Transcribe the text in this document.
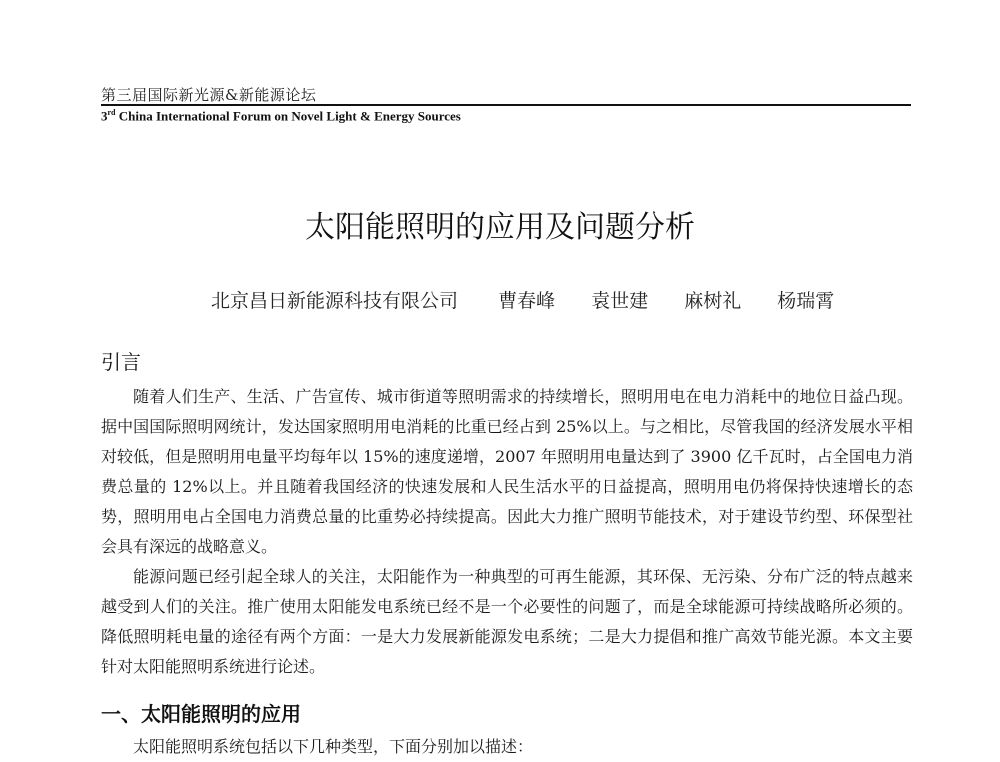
第三届国际新光源&新能源论坛
3rd China International Forum on Novel Light & Energy Sources
太阳能照明的应用及问题分析
北京昌日新能源科技有限公司 曹春峰 袁世建 麻树礼 杨瑞霄
引言

随着人们生产、生活、广告宣传、城市街道等照明需求的持续增长，照明用电在电力消耗中的地位日益凸现。据中国国际照明网统计，发达国家照明用电消耗的比重已经占到 25%以上。与之相比，尽管我国的经济发展水平相对较低，但是照明用电量平均每年以 15%的速度递增，2007 年照明用电量达到了 3900 亿千瓦时，占全国电力消费总量的 12%以上。并且随着我国经济的快速发展和人民生活水平的日益提高，照明用电仍将保持快速增长的态势，照明用电占全国电力消费总量的比重势必持续提高。因此大力推广照明节能技术，对于建设节约型、环保型社会具有深远的战略意义。

能源问题已经引起全球人的关注，太阳能作为一种典型的可再生能源，其环保、无污染、分布广泛的特点越来越受到人们的关注。推广使用太阳能发电系统已经不是一个必要性的问题了，而是全球能源可持续战略所必须的。降低照明耗电量的途径有两个方面：一是大力发展新能源发电系统；二是大力提倡和推广高效节能光源。本文主要针对太阳能照明系统进行论述。

一、太阳能照明的应用

太阳能照明系统包括以下几种类型，下面分别加以描述：
